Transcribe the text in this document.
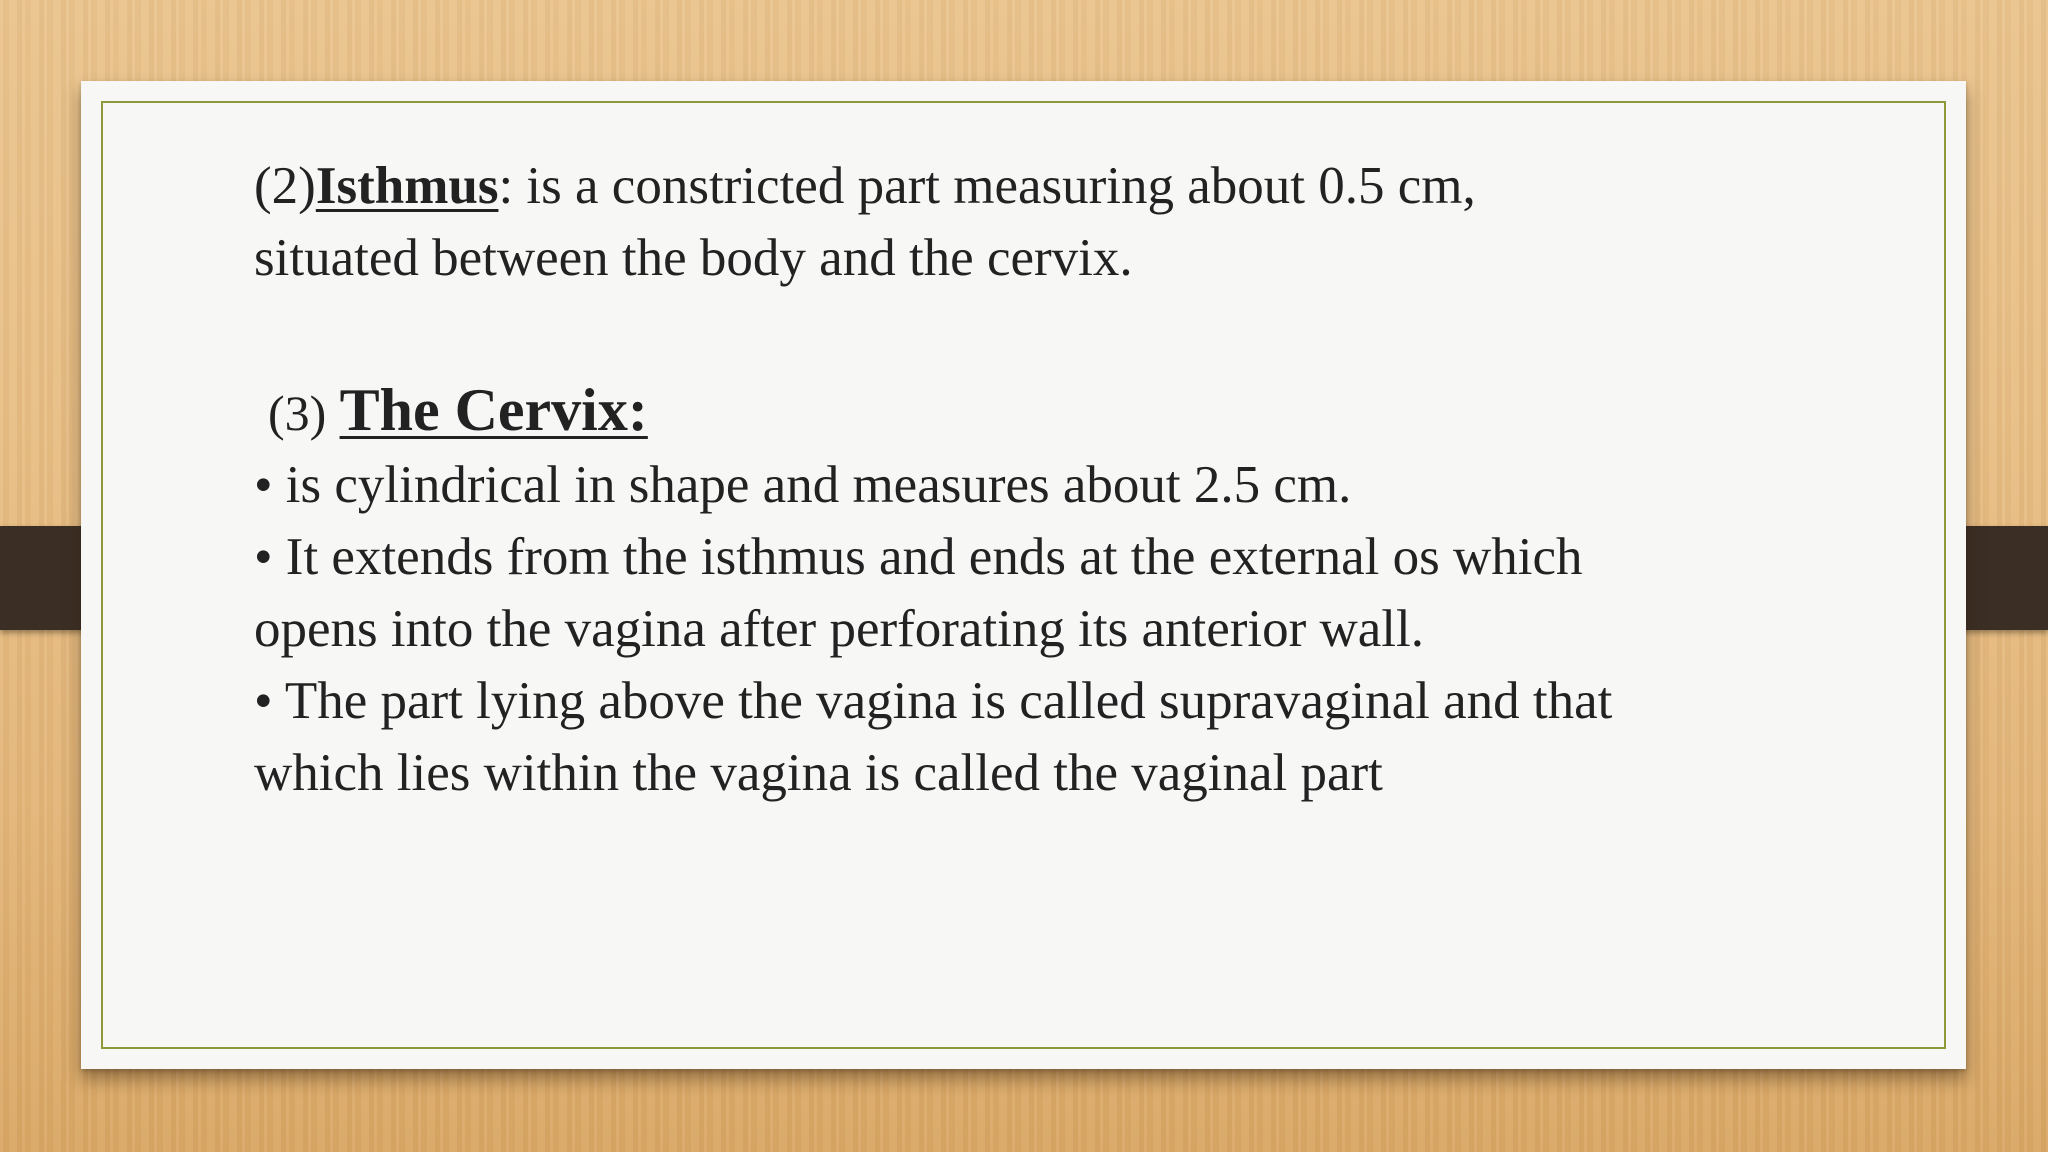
(2)Isthmus: is a constricted part measuring about 0.5 cm,
situated between the body and the cervix.
(3) The Cervix:
• is cylindrical in shape and measures about 2.5 cm.
• It extends from the isthmus and ends at the external os which
opens into the vagina after perforating its anterior wall.
• The part lying above the vagina is called supravaginal and that
which lies within the vagina is called the vaginal part
